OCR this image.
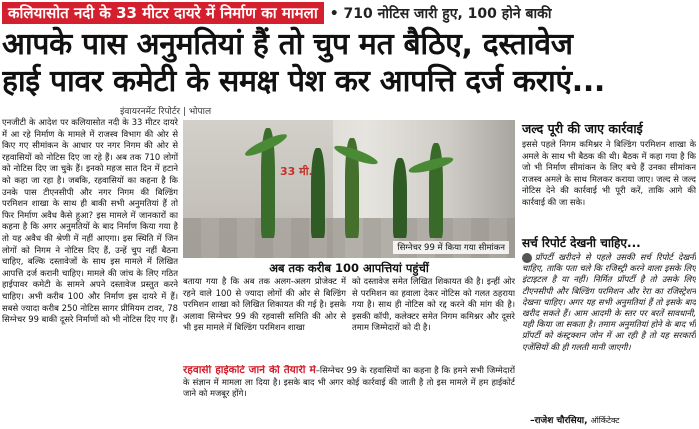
कलियासोत नदी के 33 मीटर दायरे में निर्माण का मामला • 710 नोटिस जारी हुए, 100 होने बाकी
आपके पास अनुमतियां हैं तो चुप मत बैठिए, दस्तावेज
हाई पावर कमेटी के समक्ष पेश कर आपत्ति दर्ज कराएं...
इंवायरनमेंट रिपोर्टर | भोपाल
एनजीटी के आदेश पर कलियासोत नदी के 33 मीटर दायरे में आ रहे निर्माण के मामले में राजस्व विभाग की ओर से किए गए सीमांकन के आधार पर नगर निगम की ओर से रहवासियों को नोटिस दिए जा रहे हैं। अब तक 710 लोगों को नोटिस दिए जा चुके हैं। इनको महज सात दिन में हटाने को कहा जा रहा है। जबकि, रहवासियों का कहना है कि उनके पास टीएनसीपी और नगर निगम की बिल्डिंग परमिशन शाखा के साथ ही बाकी सभी अनुमतियां हैं तो फिर निर्माण अवैध कैसे हुआ? इस मामले में जानकारों का कहना है कि अगर अनुमतियों के बाद निर्माण किया गया है तो यह अवैध की श्रेणी में नहीं आएगा। इस स्थिति में जिन लोगों को निगम ने नोटिस दिए हैं, उन्हें चुप नहीं बैठना चाहिए, बल्कि दस्तावेजों के साथ इस मामले में लिखित आपत्ति दर्ज करानी चाहिए। मामले की जांच के लिए गठित हाईपावर कमेटी के सामने अपने दस्तावेज प्रस्तुत करने चाहिए। अभी करीब 100 और निर्माण इस दायरे में हैं। सबसे ज्यादा करीब 250 नोटिस सागर प्रीमियम टावर, 78 सिग्नेचर 99 बाकी दूसरे निर्माणों को भी नोटिस दिए गए हैं।
33 मी.
सिग्नेचर 99 में किया गया सीमांकन
अब तक करीब 100 आपत्तियां पहुंचीं
बताया गया है कि अब तक अलग-अलग प्रोजेक्ट में रहने वाले 100 से ज्यादा लोगों की ओर से बिल्डिंग परमिशन शाखा को लिखित शिकायत की गई है। इसके अलावा सिग्नेचर 99 की रहवासी समिति की ओर से भी इस मामले में बिल्डिंग परमिशन शाखा
को दस्तावेज समेत लिखित शिकायत की है। इन्हीं ओर से परमिशन का हवाला देकर नोटिस को गलत ठहराया गया है। साथ ही नोटिस को रद्द करने की मांग की है। इसकी कॉपी, कलेक्टर समेत निगम कमिश्नर और दूसरे तमाम जिम्मेदारों को दी है।
रहवासी हाईकोर्ट जाने की तैयारी में–सिग्नेचर 99 के रहवासियों का कहना है कि हमने सभी जिम्मेदारों के संज्ञान में मामला ला दिया है। इसके बाद भी अगर कोई कार्रवाई की जाती है तो इस मामले में हम हाईकोर्ट जाने को मजबूर होंगे।
जल्द पूरी की जाए कार्रवाई
इससे पहले निगम कमिश्नर ने बिल्डिंग परमिशन शाखा के अमले के साथ भी बैठक की थी। बैठक में कहा गया है कि जो भी निर्माण सीमांकन के लिए बचे हैं उनका सीमांकन राजस्व अमले के साथ मिलकर कराया जाए। जल्द से जल्द नोटिस देने की कार्रवाई भी पूरी करें, ताकि आगे की कार्रवाई की जा सके।
सर्च रिपोर्ट देखनी चाहिए...
प्रॉपर्टी खरीदने से पहले उसकी सर्च रिपोर्ट देखनी चाहिए, ताकि पता चले कि रजिस्ट्री करने वाला इसके लिए इंटाइटल है या नहीं। निर्मित प्रॉपर्टी है तो उसके लिए टीएनसीपी और बिल्डिंग परमिशन और रेरा का रजिस्ट्रेशन देखना चाहिए। अगर यह सभी अनुमतियां हैं तो इसके बाद खरीद सकते हैं। आम आदमी के स्तर पर बरतें सावधानी, यही किया जा सकता है। तमाम अनुमतियां होने के बाद भी प्रॉपर्टी को कंस्ट्रक्शन जोन में आ रही है तो यह सरकारी एजेंसियों की ही गलती मानी जाएगी।
–राजेश चौरसिया, ऑर्किटेक्ट
